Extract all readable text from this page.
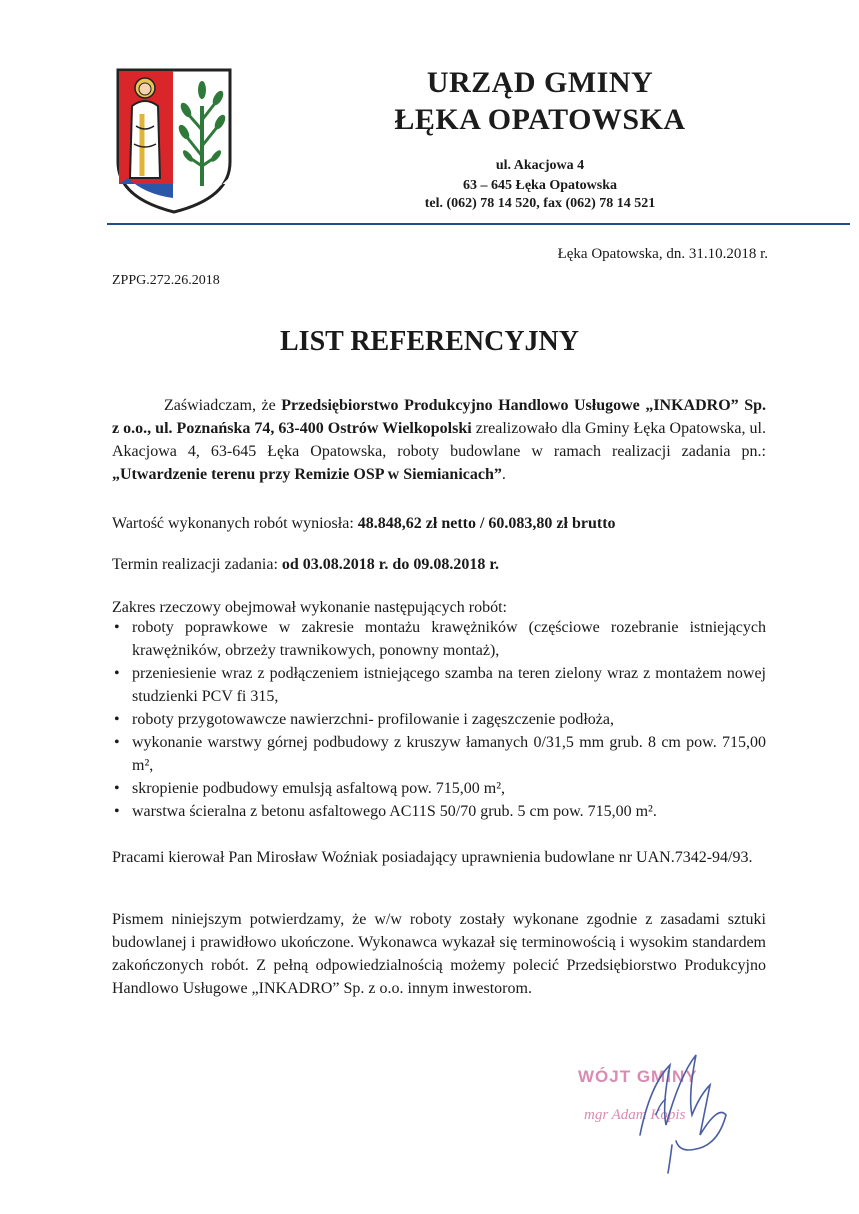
URZĄD GMINY
ŁĘKA OPATOWSKA
ul. Akacjowa 4
63 – 645 Łęka Opatowska
tel. (062) 78 14 520, fax (062) 78 14 521
Łęka Opatowska, dn. 31.10.2018 r.
ZPPG.272.26.2018
LIST REFERENCYJNY
Zaświadczam, że Przedsiębiorstwo Produkcyjno Handlowo Usługowe „INKADRO” Sp. z o.o., ul. Poznańska 74, 63-400 Ostrów Wielkopolski zrealizowało dla Gminy Łęka Opatowska, ul. Akacjowa 4, 63-645 Łęka Opatowska, roboty budowlane w ramach realizacji zadania pn.: „Utwardzenie terenu przy Remizie OSP w Siemianicach”.
Wartość wykonanych robót wyniosła: 48.848,62 zł netto / 60.083,80 zł brutto
Termin realizacji zadania: od 03.08.2018 r. do 09.08.2018 r.
Zakres rzeczowy obejmował wykonanie następujących robót:
• roboty poprawkowe w zakresie montażu krawężników (częściowe rozebranie istniejących krawężników, obrzeży trawnikowych, ponowny montaż),
• przeniesienie wraz z podłączeniem istniejącego szamba na teren zielony wraz z montażem nowej studzienki PCV fi 315,
• roboty przygotowawcze nawierzchni- profilowanie i zagęszczenie podłoża,
• wykonanie warstwy górnej podbudowy z kruszyw łamanych 0/31,5 mm grub. 8 cm pow. 715,00 m²,
• skropienie podbudowy emulsją asfaltową pow. 715,00 m²,
• warstwa ścieralna z betonu asfaltowego AC11S 50/70 grub. 5 cm pow. 715,00 m².
Pracami kierował Pan Mirosław Woźniak posiadający uprawnienia budowlane nr UAN.7342-94/93.
Pismem niniejszym potwierdzamy, że w/w roboty zostały wykonane zgodnie z zasadami sztuki budowlanej i prawidłowo ukończone. Wykonawca wykazał się terminowością i wysokim standardem zakończonych robót. Z pełną odpowiedzialnością możemy polecić Przedsiębiorstwo Produkcyjno Handlowo Usługowe „INKADRO” Sp. z o.o. innym inwestorom.
WÓJT GMINY
mgr Adam Kopis
